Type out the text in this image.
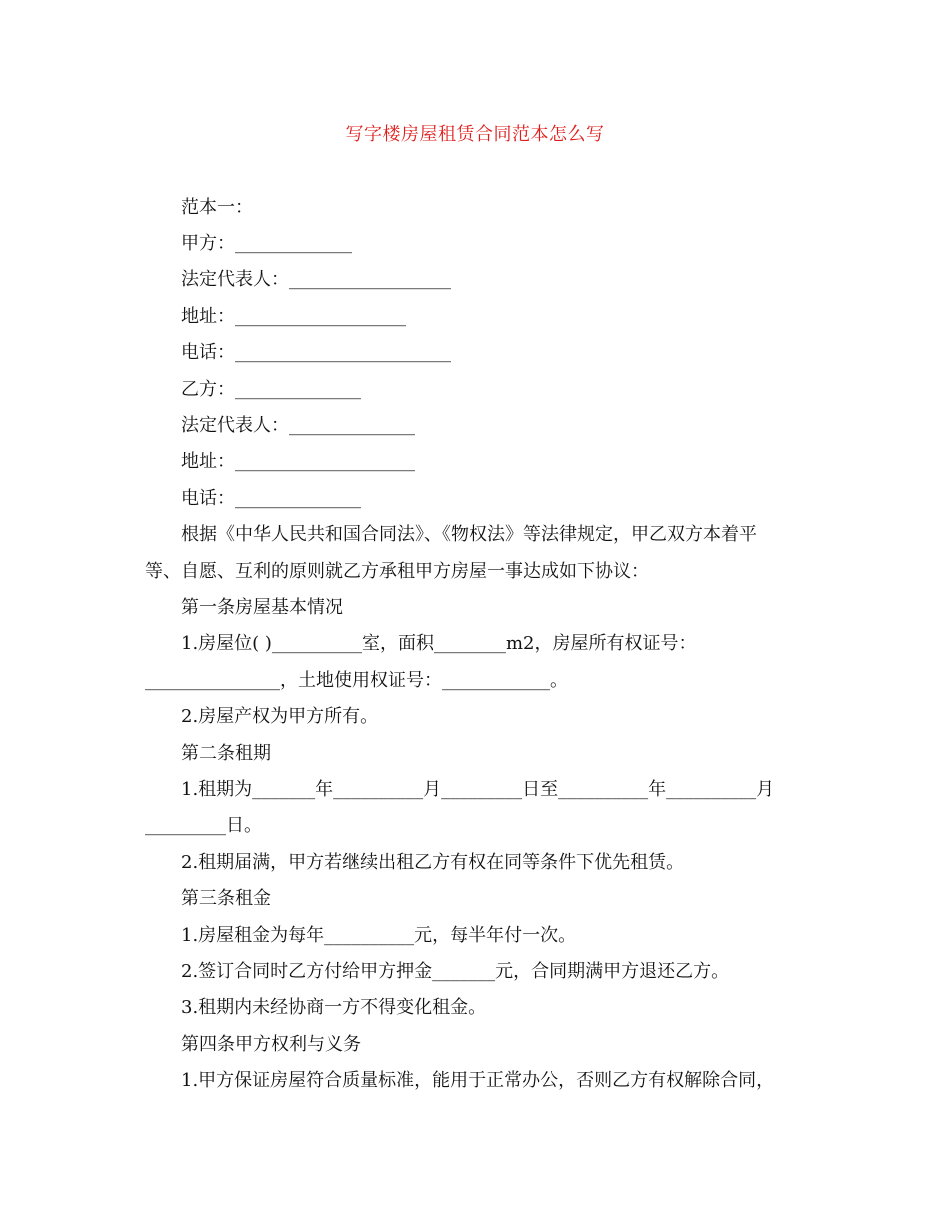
写字楼房屋租赁合同范本怎么写
范本一：
甲方：_____________
法定代表人：__________________
地址：___________________
电话：________________________
乙方：______________
法定代表人：______________
地址：____________________
电话：______________
根据《中华人民共和国合同法》、《物权法》等法律规定，甲乙双方本着平
等、自愿、互利的原则就乙方承租甲方房屋一事达成如下协议：
第一条房屋基本情况
1.房屋位( )__________室，面积________m2，房屋所有权证号：
_______________，土地使用权证号：____________。
2.房屋产权为甲方所有。
第二条租期
1.租期为_______年__________月_________日至__________年__________月
_________日。
2.租期届满，甲方若继续出租乙方有权在同等条件下优先租赁。
第三条租金
1.房屋租金为每年__________元，每半年付一次。
2.签订合同时乙方付给甲方押金_______元，合同期满甲方退还乙方。
3.租期内未经协商一方不得变化租金。
第四条甲方权利与义务
1.甲方保证房屋符合质量标准，能用于正常办公，否则乙方有权解除合同，
